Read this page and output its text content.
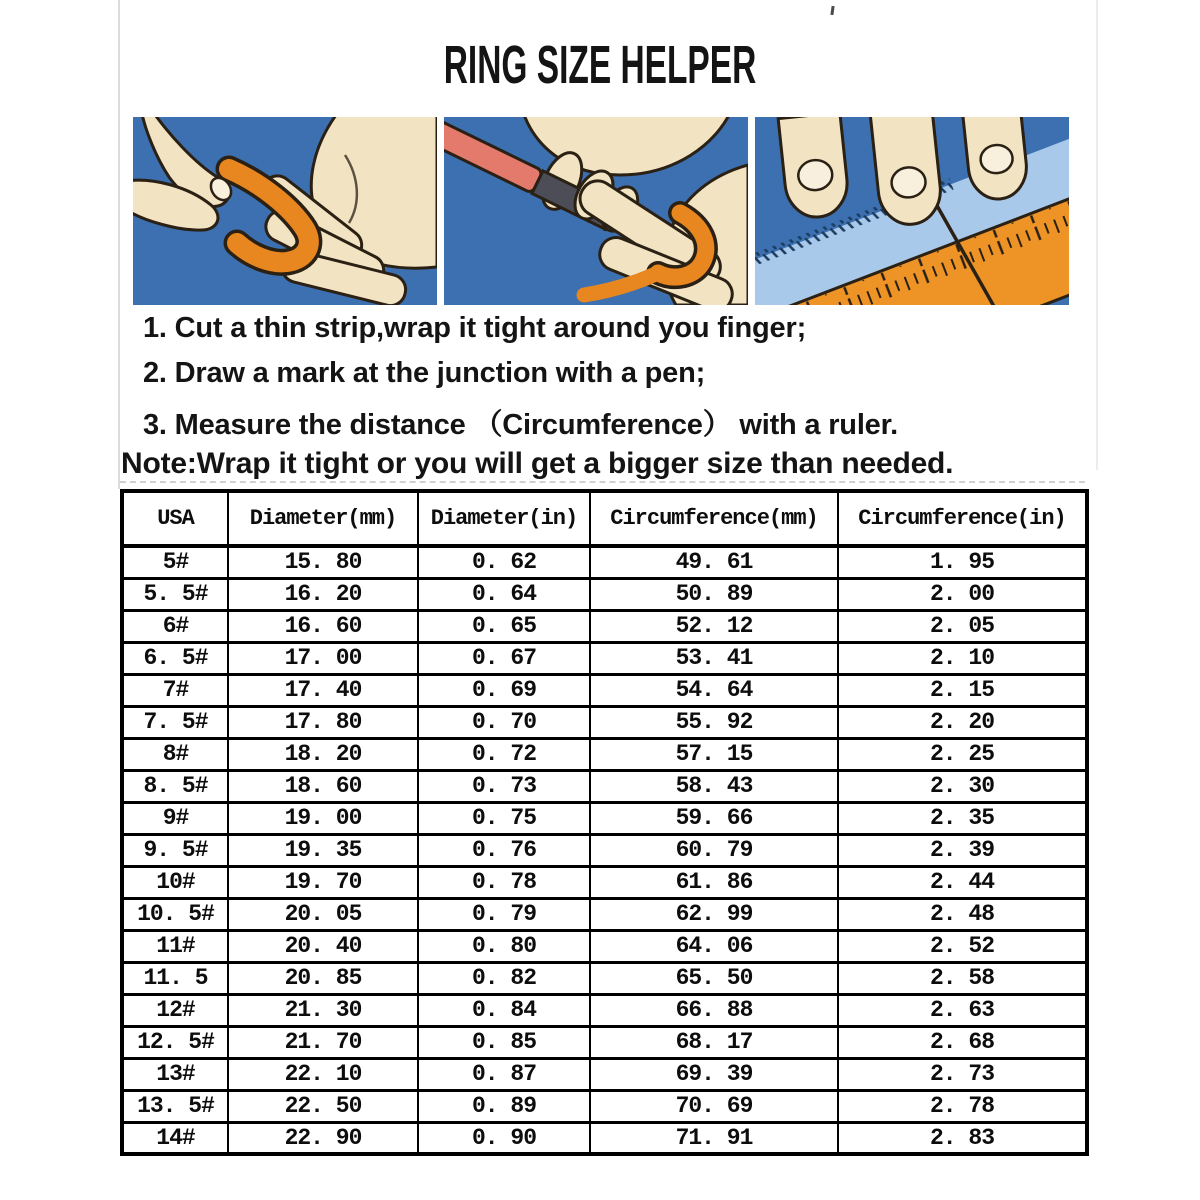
RING SIZE HELPER
1. Cut a thin strip,wrap it tight around you finger;
2. Draw a mark at the junction with a pen;
3. Measure the distance （Circumference） with a ruler.
Note:Wrap it tight or you will get a bigger size than needed.
USA	Diameter(mm)	Diameter(in)	Circumference(mm)	Circumference(in)
5#	15. 80	0. 62	49. 61	1. 95
5. 5#	16. 20	0. 64	50. 89	2. 00
6#	16. 60	0. 65	52. 12	2. 05
6. 5#	17. 00	0. 67	53. 41	2. 10
7#	17. 40	0. 69	54. 64	2. 15
7. 5#	17. 80	0. 70	55. 92	2. 20
8#	18. 20	0. 72	57. 15	2. 25
8. 5#	18. 60	0. 73	58. 43	2. 30
9#	19. 00	0. 75	59. 66	2. 35
9. 5#	19. 35	0. 76	60. 79	2. 39
10#	19. 70	0. 78	61. 86	2. 44
10. 5#	20. 05	0. 79	62. 99	2. 48
11#	20. 40	0. 80	64. 06	2. 52
11. 5	20. 85	0. 82	65. 50	2. 58
12#	21. 30	0. 84	66. 88	2. 63
12. 5#	21. 70	0. 85	68. 17	2. 68
13#	22. 10	0. 87	69. 39	2. 73
13. 5#	22. 50	0. 89	70. 69	2. 78
14#	22. 90	0. 90	71. 91	2. 83
